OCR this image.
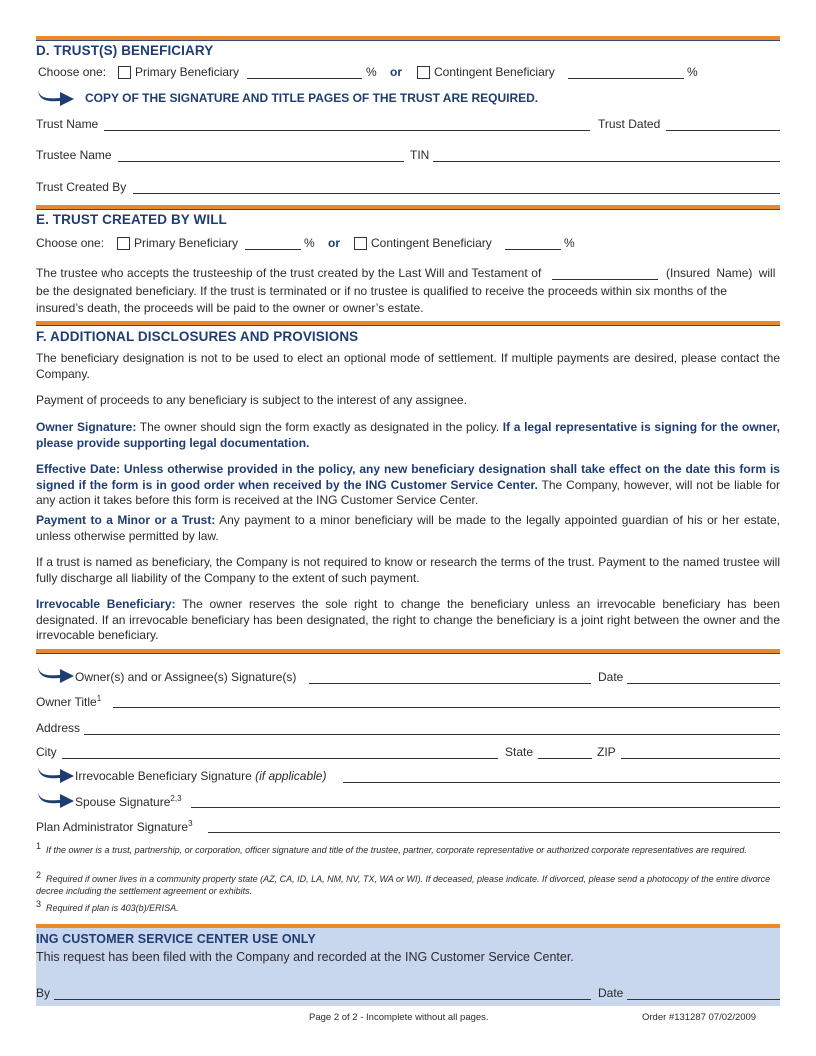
D. TRUST(S) BENEFICIARY
Choose one: Primary Beneficiary	% or	Contingent Beneficiary	%
COPY OF THE SIGNATURE AND TITLE PAGES OF THE TRUST ARE REQUIRED.
Trust Name	Trust Dated
Trustee Name	TIN
Trust Created By
E. TRUST CREATED BY WILL
Choose one: Primary Beneficiary	% or	Contingent Beneficiary	%
The trustee who accepts the trusteeship of the trust created by the Last Will and Testament of	(Insured Name) will
be the designated beneficiary. If the trust is terminated or if no trustee is qualified to receive the proceeds within six months of the
insured’s death, the proceeds will be paid to the owner or owner’s estate.
F. ADDITIONAL DISCLOSURES AND PROVISIONS
The beneficiary designation is not to be used to elect an optional mode of settlement. If multiple payments are desired, please contact the Company.
Payment of proceeds to any beneficiary is subject to the interest of any assignee.
Owner Signature: The owner should sign the form exactly as designated in the policy. If a legal representative is signing for the owner, please provide supporting legal documentation.
Effective Date: Unless otherwise provided in the policy, any new beneficiary designation shall take effect on the date this form is signed if the form is in good order when received by the ING Customer Service Center. The Company, however, will not be liable for any action it takes before this form is received at the ING Customer Service Center.
Payment to a Minor or a Trust: Any payment to a minor beneficiary will be made to the legally appointed guardian of his or her estate, unless otherwise permitted by law.
If a trust is named as beneficiary, the Company is not required to know or research the terms of the trust. Payment to the named trustee will fully discharge all liability of the Company to the extent of such payment.
Irrevocable Beneficiary: The owner reserves the sole right to change the beneficiary unless an irrevocable beneficiary has been designated. If an irrevocable beneficiary has been designated, the right to change the beneficiary is a joint right between the owner and the irrevocable beneficiary.
Owner(s) and or Assignee(s) Signature(s)	Date
Owner Title$^1$
Address
City	State	ZIP
Irrevocable Beneficiary Signature (if applicable)
Spouse Signature$^{2,3}$
Plan Administrator Signature$^3$
$^1$ If the owner is a trust, partnership, or corporation, officer signature and title of the trustee, partner, corporate representative or authorized corporate representatives are required.
$^2$ Required if owner lives in a community property state (AZ, CA, ID, LA, NM, NV, TX, WA or WI). If deceased, please indicate. If divorced, please send a photocopy of the entire divorce decree including the settlement agreement or exhibits.
$^3$ Required if plan is 403(b)/ERISA.
ING CUSTOMER SERVICE CENTER USE ONLY
This request has been filed with the Company and recorded at the ING Customer Service Center.
By	Date
Page 2 of 2 - Incomplete without all pages.	Order #131287 07/02/2009
